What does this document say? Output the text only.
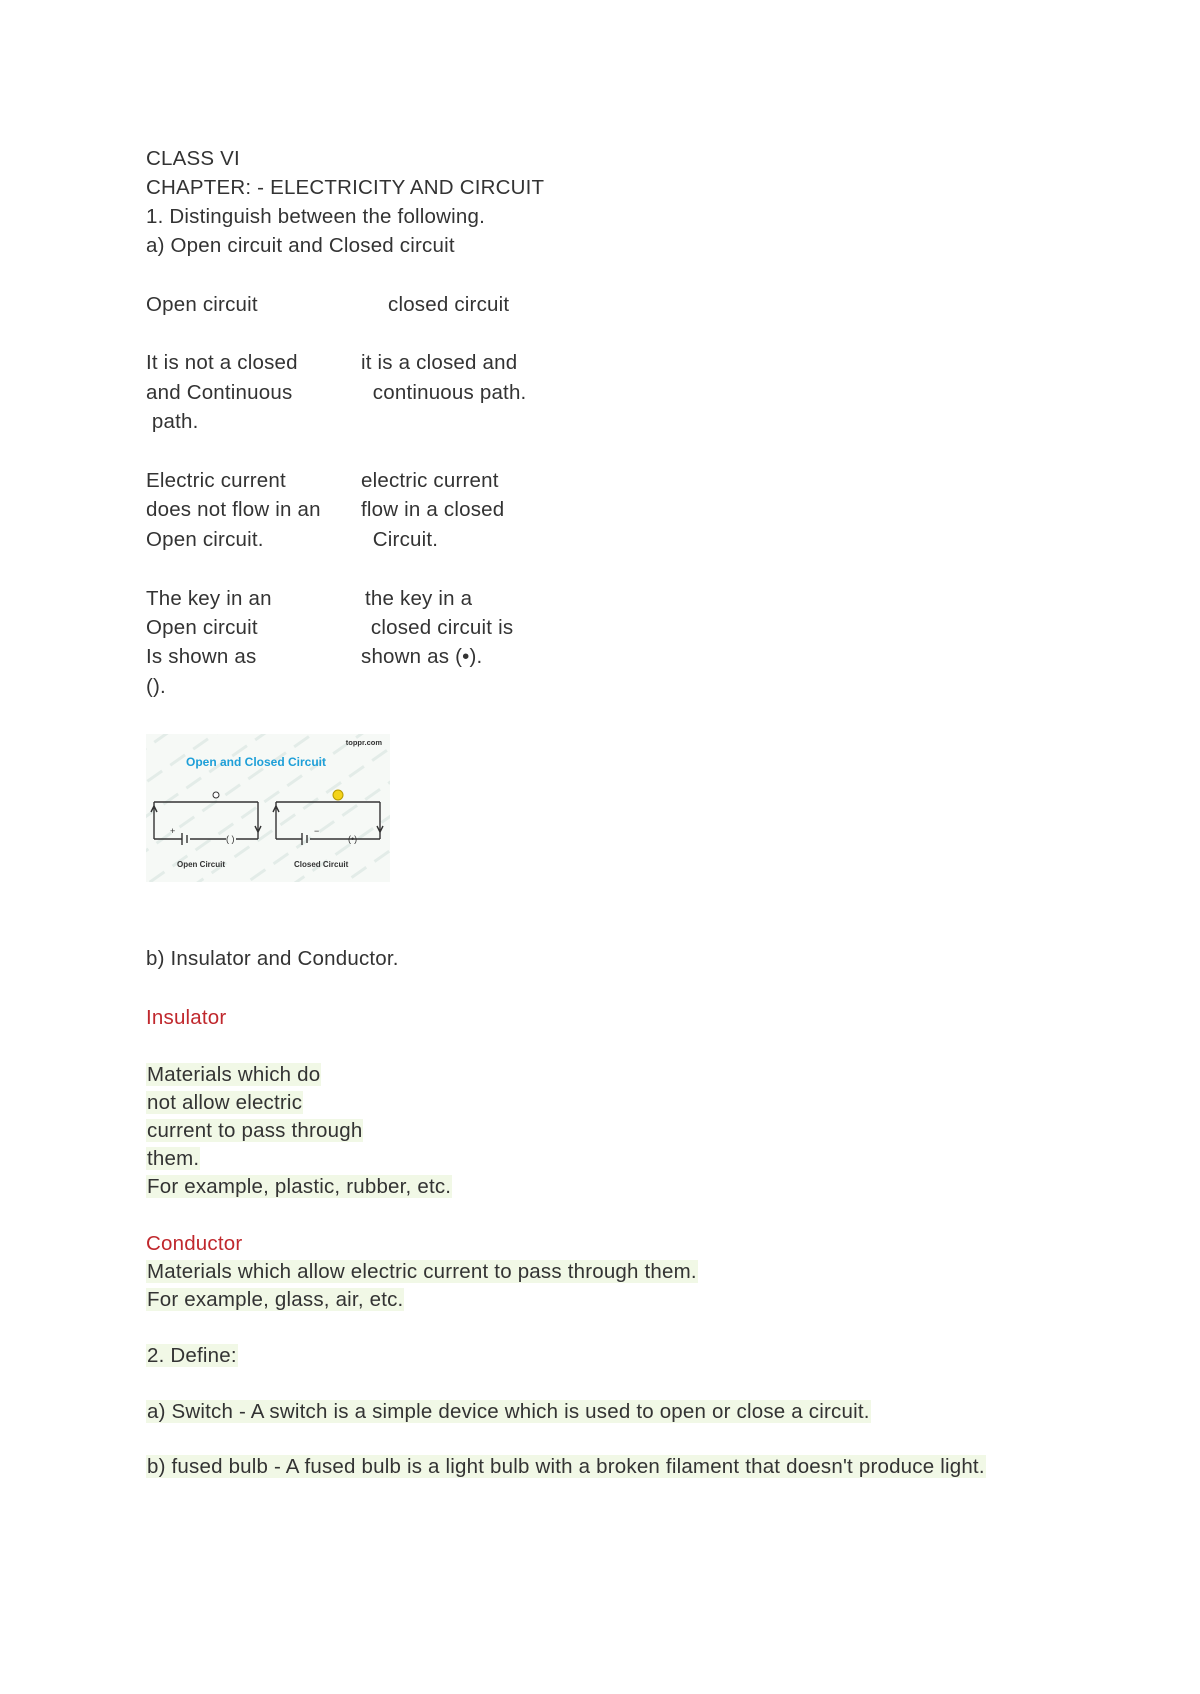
CLASS VI
CHAPTER: - ELECTRICITY AND CIRCUIT
1. Distinguish between the following.
a) Open circuit and Closed circuit
Open circuit	closed circuit
It is not a closed
and Continuous
path.
it is a closed and
continuous path.
Electric current
does not flow in an
Open circuit.
electric current
flow in a closed
Circuit.
The key in an
Open circuit
Is shown as
().
the key in a
closed circuit is
shown as (•).
toppr.com
Open and Closed Circuit
( )
+
Open Circuit
(•)
−
Closed Circuit
b) Insulator and Conductor.
Insulator
Materials which do
not allow electric
current to pass through
them.
For example, plastic, rubber, etc.
Conductor
Materials which allow electric current to pass through them.
For example, glass, air, etc.
2. Define:
a) Switch - A switch is a simple device which is used to open or close a circuit.
b) fused bulb - A fused bulb is a light bulb with a broken filament that doesn't produce light.
